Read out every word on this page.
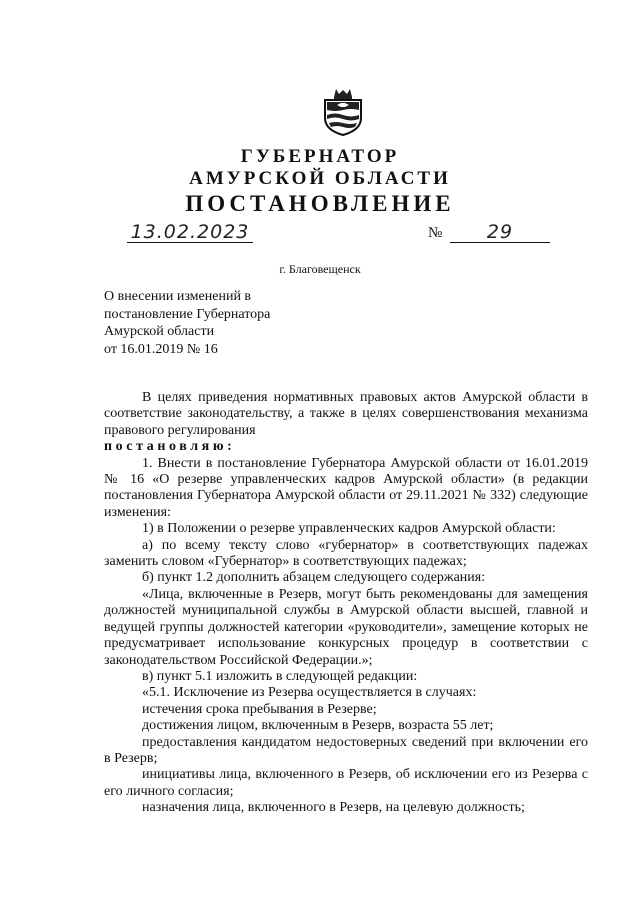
ГУБЕРНАТОР
АМУРСКОЙ ОБЛАСТИ
ПОСТАНОВЛЕНИЕ
13.02.2023	№	29
г. Благовещенск
О внесении изменений в
постановление Губернатора
Амурской области
от 16.01.2019 № 16

В целях приведения нормативных правовых актов Амурской области в соответствие законодательству, а также в целях совершенствования механизма правового регулирования

постановляю:

1. Внести в постановление Губернатора Амурской области от 16.01.2019 № 16 «О резерве управленческих кадров Амурской области» (в редакции постановления Губернатора Амурской области от 29.11.2021 № 332) следующие изменения:

1) в Положении о резерве управленческих кадров Амурской области:

а) по всему тексту слово «губернатор» в соответствующих падежах заменить словом «Губернатор» в соответствующих падежах;

б) пункт 1.2 дополнить абзацем следующего содержания:

«Лица, включенные в Резерв, могут быть рекомендованы для замещения должностей муниципальной службы в Амурской области высшей, главной и ведущей группы должностей категории «руководители», замещение которых не предусматривает использование конкурсных процедур в соответствии с законодательством Российской Федерации.»;

в) пункт 5.1 изложить в следующей редакции:

«5.1. Исключение из Резерва осуществляется в случаях:

истечения срока пребывания в Резерве;

достижения лицом, включенным в Резерв, возраста 55 лет;

предоставления кандидатом недостоверных сведений при включении его в Резерв;

инициативы лица, включенного в Резерв, об исключении его из Резерва с его личного согласия;

назначения лица, включенного в Резерв, на целевую должность;
